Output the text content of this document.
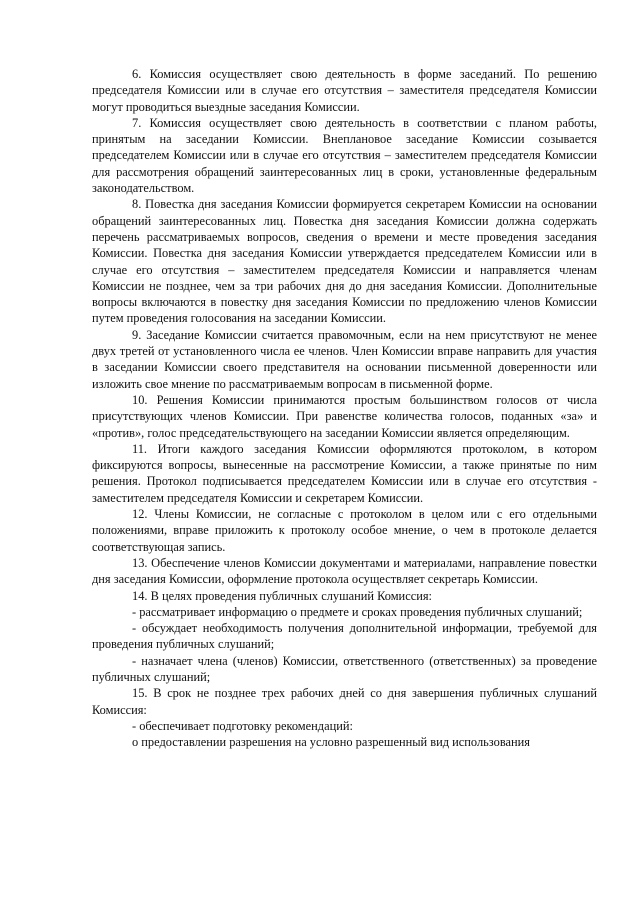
6. Комиссия осуществляет свою деятельность в форме заседаний. По решению председателя Комиссии или в случае его отсутствия – заместителя председателя Комиссии могут проводиться выездные заседания Комиссии.

7. Комиссия осуществляет свою деятельность в соответствии с планом работы, принятым на заседании Комиссии. Внеплановое заседание Комиссии созывается председателем Комиссии или в случае его отсутствия – заместителем председателя Комиссии для рассмотрения обращений заинтересованных лиц в сроки, установленные федеральным законодательством.

8. Повестка дня заседания Комиссии формируется секретарем Комиссии на основании обращений заинтересованных лиц. Повестка дня заседания Комиссии должна содержать перечень рассматриваемых вопросов, сведения о времени и месте проведения заседания Комиссии. Повестка дня заседания Комиссии утверждается председателем Комиссии или в случае его отсутствия – заместителем председателя Комиссии и направляется членам Комиссии не позднее, чем за три рабочих дня до дня заседания Комиссии. Дополнительные вопросы включаются в повестку дня заседания Комиссии по предложению членов Комиссии путем проведения голосования на заседании Комиссии.

9. Заседание Комиссии считается правомочным, если на нем присутствуют не менее двух третей от установленного числа ее членов. Член Комиссии вправе направить для участия в заседании Комиссии своего представителя на основании письменной доверенности или изложить свое мнение по рассматриваемым вопросам в письменной форме.

10. Решения Комиссии принимаются простым большинством голосов от числа присутствующих членов Комиссии. При равенстве количества голосов, поданных «за» и «против», голос председательствующего на заседании Комиссии является определяющим.

11. Итоги каждого заседания Комиссии оформляются протоколом, в котором фиксируются вопросы, вынесенные на рассмотрение Комиссии, а также принятые по ним решения. Протокол подписывается председателем Комиссии или в случае его отсутствия - заместителем председателя Комиссии и секретарем Комиссии.

12. Члены Комиссии, не согласные с протоколом в целом или с его отдельными положениями, вправе приложить к протоколу особое мнение, о чем в протоколе делается соответствующая запись.

13. Обеспечение членов Комиссии документами и материалами, направление повестки дня заседания Комиссии, оформление протокола осуществляет секретарь Комиссии.

14. В целях проведения публичных слушаний Комиссия:

- рассматривает информацию о предмете и сроках проведения публичных слушаний;

- обсуждает необходимость получения дополнительной информации, требуемой для проведения публичных слушаний;

- назначает члена (членов) Комиссии, ответственного (ответственных) за проведение публичных слушаний;

15. В срок не позднее трех рабочих дней со дня завершения публичных слушаний Комиссия:

- обеспечивает подготовку рекомендаций:

о предоставлении разрешения на условно разрешенный вид использования
